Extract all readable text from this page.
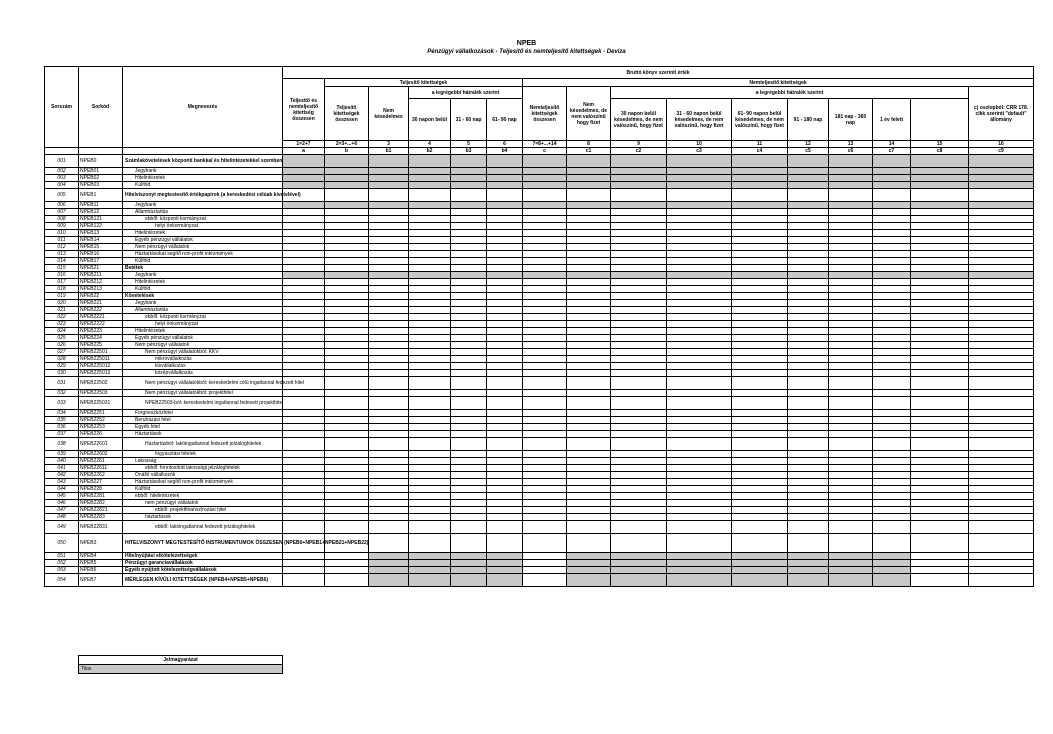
NPEB
Pénzügyi vállalkozások - Teljesítő és nemteljesítő kitettségek - Deviza
Sorszám	Sorkód	Megnevezés	Bruttó könyv szerinti érték																
			Teljesítő és nemteljesítő kitettség összesen	Teljesítő kitettségek					Nemteljesítő kitettségek										
				Teljesítő kitettségek összesen	Nem késedelmes	a legrégebbi hátralék szerint			Nemteljesítő kitettségek összesen	Nem késedelmes, de nem valószínű hogy fizet	a legrégebbi hátralék szerint							c) oszlopból: CRR 178. cikk szerinti "default" állomány	
						30 napon belül	31 - 60 nap	61- 90 nap			30 napon belül késedelmes, de nem valószínű, hogy fizet	31 - 60 napon belül késedelmes, de nem valószínű, hogy fizet	61- 90 napon belül késedelmes, de nem valószínű, hogy fizet	91 - 180 nap	181 nap - 365 nap	1 év felett			
			1=2+7	2=3+...+6	3	4	5	6	7=8+...+14	8	9	10	11	12	13	14	15	16	
			a	b	b1	b2	b3	b4	c	c1	c2	c3	c4	c5	c6	c7	c8	c9	
001	NPEB0	Számlakövetelések központi bankkal és hitelintézetekkel szemben																	
002	NPEB01	Jegybank																	
003	NPEB02	Hitelintézetek																	
004	NPEB03	Külföld																	
005	NPEB1	Hitelviszonyt megtestesítő értékpapírok (a kereskedési célúak kivételével)																	
006	NPEB11	Jegybank																	
007	NPEB12	Államháztartás																	
008	NPEB121	ebből: központi kormányzat																	
009	NPEB122	helyi önkormányzat																	
010	NPEB13	Hitelintézetek																	
011	NPEB14	Egyéb pénzügyi vállalatok																	
012	NPEB15	Nem pénzügyi vállalatok																	
013	NPEB16	Háztartásokat segítő non-profit intézmények																	
014	NPEB17	Külföld																	
015	NPEB21	Betétek																	
016	NPEB211	Jegybank																	
017	NPEB212	Hitelintézetek																	
018	NPEB213	Külföld																	
019	NPEB22	Követelések																	
020	NPEB221	Jegybank																	
021	NPEB222	Államháztartás																	
022	NPEB2221	ebből: központi kormányzat																	
023	NPEB2222	helyi önkormányzat																	
024	NPEB223	Hitelintézetek																	
025	NPEB224	Egyéb pénzügyi vállalatok																	
026	NPEB225	Nem pénzügyi vállalatok																	
027	NPEB22501	Nem pénzügyi vállalatokból: KKV																	
028	NPEB225011	mikrovállalkozás																	
029	NPEB225012	kisvállalkozás																	
030	NPEB225013	középvállalkozás																	
031	NPEB22502	Nem pénzügyi vállalatokból: kereskedelmi célú ingatlannal fedezett hitel																	
032	NPEB22503	Nem pénzügyi vállalatokból: projekthitel																	
033	NPEB225031	NPEB22503-ból: kereskedelmi ingatlannal fedezett projekthitel																	
034	NPEB2251	Forgóeszközhitel																	
035	NPEB2252	Beruházási hitel																	
036	NPEB2253	Egyéb hitel																	
037	NPEB226	Háztartások																	
038	NPEB22601	Háztartásból: lakóingatlannal fedezett jelzáloghitelek																	
039	NPEB22602	fogyasztási hitelek																	
040	NPEB2261	Lakosság																	
041	NPEB22611	ebből: forintosított lakossági jelzáloghitelek																	
042	NPEB2262	Önálló vállalkozók																	
043	NPEB227	Háztartásokat segítő non-profit intézmények																	
044	NPEB228	Külföld																	
045	NPEB2281	ebből: hitelintézetek																	
046	NPEB2282	nem pénzügyi vállalatok																	
047	NPEB22821	ebből: projektfinanszírozási hitel																	
048	NPEB2283	háztartások																	
049	NPEB22831	ebből: lakóingatlannal fedezett jelzáloghitelek																	
050	NPEB3	HITELVISZONYT MEGTESTESÍTŐ INSTRUMENTUMOK ÖSSZESEN (NPEB0+NPEB1+NPEB21+NPEB22)																	
051	NPEB4	Hitelnyújtási elkötelezettségek																	
052	NPEB5	Pénzügyi garanciavállalások																	
053	NPEB6	Egyéb nyújtott kötelezettségvállalások																	
054	NPEB7	MÉRLEGEN KÍVÜLI KITETTSÉGEK (NPEB4+NPEB5+NPEB6)																	
Jelmagyarázat
Tilos
